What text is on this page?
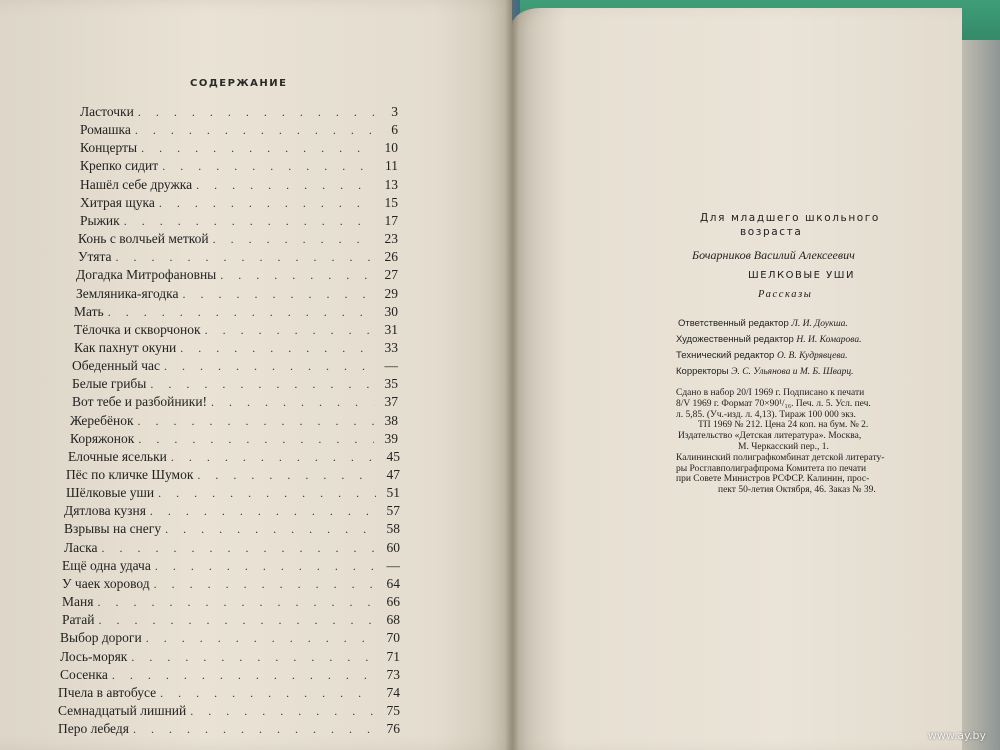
СОДЕРЖАНИЕ
Ласточки . . .	3
Ромашка . . .	6
Концерты . . .	10
Крепко сидит . . .	11
Нашёл себе дружка . . .	13
Хитрая щука . . .	15
Рыжик . . .	17
Конь с волчьей меткой . . .	23
Утята . . .	26
Догадка Митрофановны . . .	27
Земляника-ягодка . . .	29
Мать . . .	30
Тёлочка и скворчонок . . .	31
Как пахнут окуни . . .	33
Обеденный час . . .	—
Белые грибы . . .	35
Вот тебе и разбойники! . . .	37
Жеребёнок . . .	38
Коряжонок . . .	39
Елочные ясельки . . .	45
Пёс по кличке Шумок . . .	47
Шёлковые уши . . .	51
Дятлова кузня . . .	57
Взрывы на снегу . . .	58
Ласка . . .	60
Ещё одна удача . . .	—
У чаек хоровод . . .	64
Маня . . .	66
Ратай . . .	68
Выбор дороги . . .	70
Лось-моряк . . .	71
Сосенка . . .	73
Пчела в автобусе . . .	74
Семнадцатый лишний . . .	75
Перо лебедя . . .	76
Для младшего школьного
возраста
Бочарников Василий Алексеевич
ШЕЛКОВЫЕ УШИ
Рассказы
Ответственный редактор Л. И. Доукша.
Художественный редактор Н. И. Комарова.
Технический редактор О. В. Кудрявцева.
Корректоры Э. С. Ульянова и М. Б. Шварц.
Сдано в набор 20/I 1969 г. Подписано к печати
8/V 1969 г. Формат 70×90¹/₁₆. Печ. л. 5. Усл. печ.
л. 5,85. (Уч.-изд. л. 4,13). Тираж 100 000 экз.
ТП 1969 № 212. Цена 24 коп. на бум. № 2.
Издательство «Детская литература». Москва,
М. Черкасский пер., 1.
Калининский полиграфкомбинат детской литерату-
ры Росглавполиграфпрома Комитета по печати
при Совете Министров РСФСР. Калинин, прос-
пект 50-летия Октября, 46. Заказ № 39.
www.ay.by
